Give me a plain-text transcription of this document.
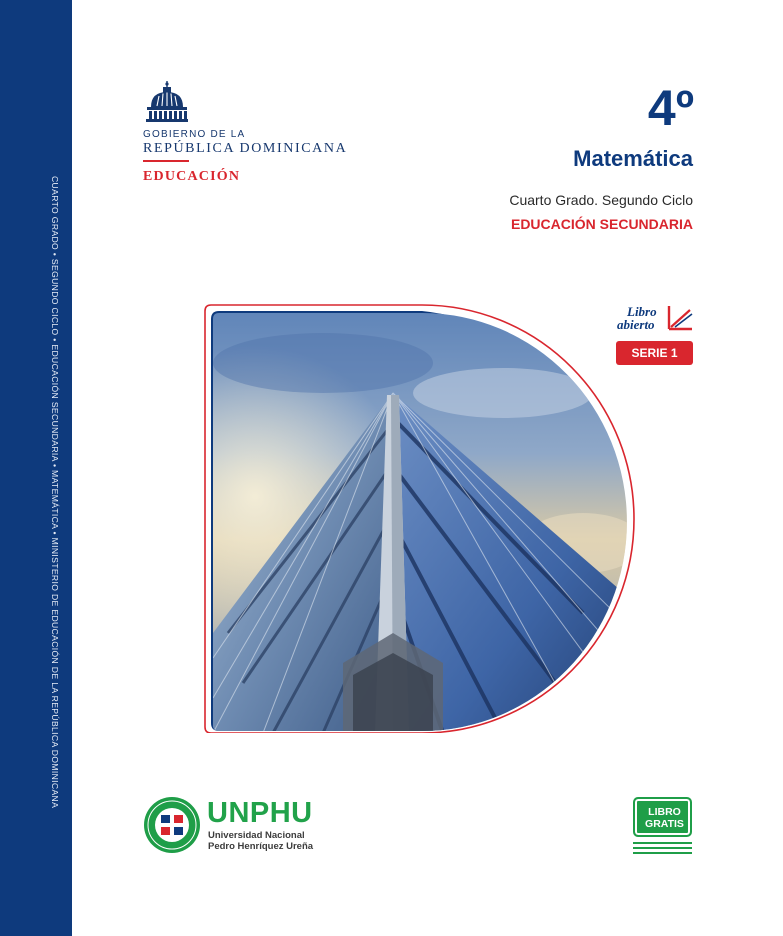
CUARTO GRADO • SEGUNDO CICLO • EDUCACIÓN SECUNDARIA • MATEMÁTICA • MINISTERIO DE EDUCACIÓN DE LA REPÚBLICA DOMINICANA
GOBIERNO DE LA
REPÚBLICA DOMINICANA
EDUCACIÓN
4º
Matemática
Cuarto Grado. Segundo Ciclo
EDUCACIÓN SECUNDARIA
Libro
abierto
SERIE 1
UNPHU
Universidad Nacional
Pedro Henríquez Ureña
LIBRO
GRATIS
